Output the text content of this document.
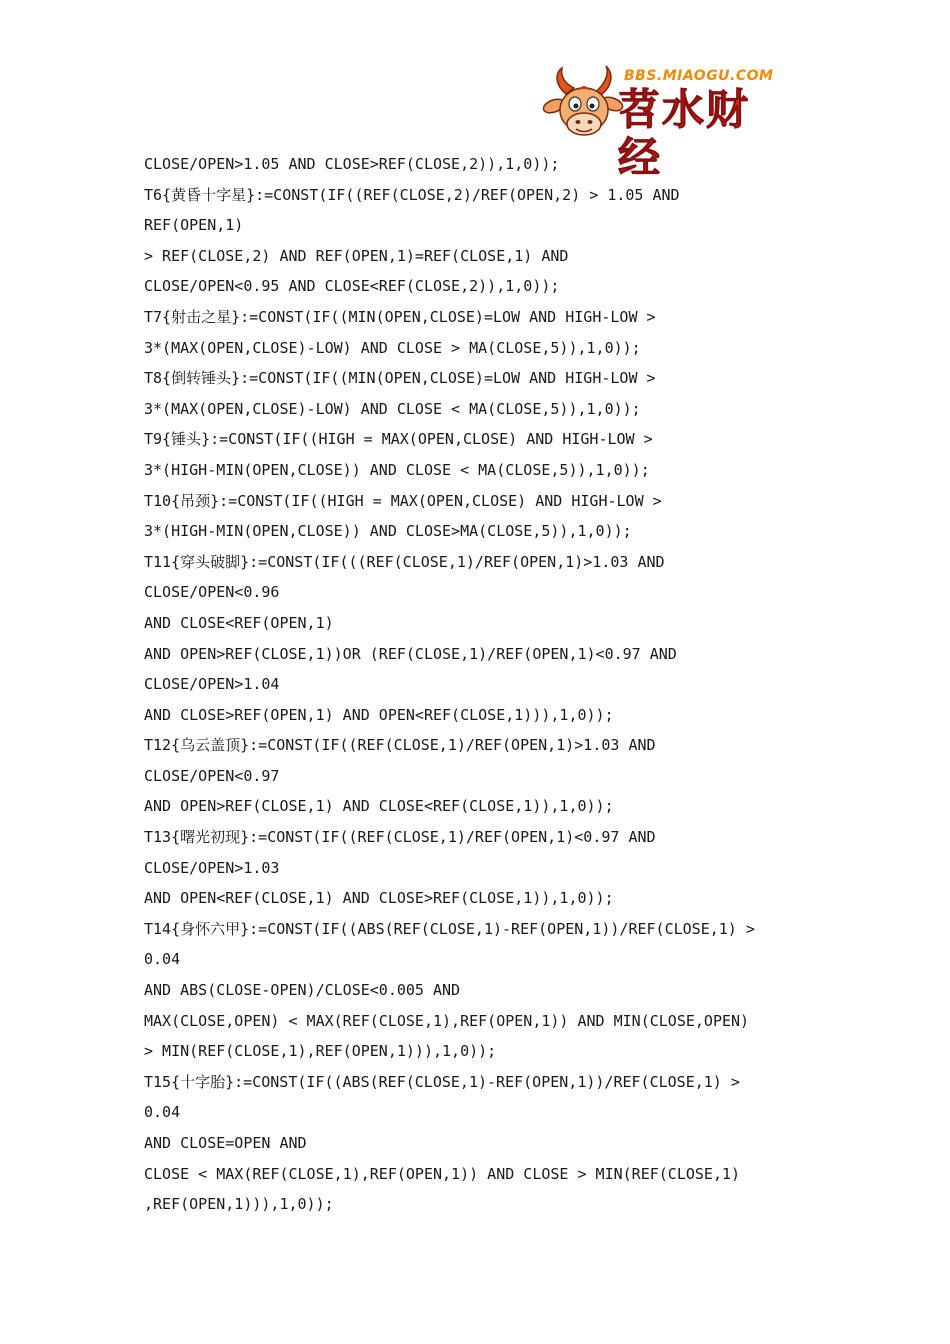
BBS.MIAOGU.COM
苕水财经
CLOSE/OPEN>1.05 AND CLOSE>REF(CLOSE,2)),1,0));
T6{黄昏十字星}:=CONST(IF((REF(CLOSE,2)/REF(OPEN,2) > 1.05 AND
REF(OPEN,1)
> REF(CLOSE,2) AND REF(OPEN,1)=REF(CLOSE,1) AND
CLOSE/OPEN<0.95 AND CLOSE<REF(CLOSE,2)),1,0));
T7{射击之星}:=CONST(IF((MIN(OPEN,CLOSE)=LOW AND HIGH-LOW >
3*(MAX(OPEN,CLOSE)-LOW) AND CLOSE > MA(CLOSE,5)),1,0));
T8{倒转锤头}:=CONST(IF((MIN(OPEN,CLOSE)=LOW AND HIGH-LOW >
3*(MAX(OPEN,CLOSE)-LOW) AND CLOSE < MA(CLOSE,5)),1,0));
T9{锤头}:=CONST(IF((HIGH = MAX(OPEN,CLOSE) AND HIGH-LOW >
3*(HIGH-MIN(OPEN,CLOSE)) AND CLOSE < MA(CLOSE,5)),1,0));
T10{吊颈}:=CONST(IF((HIGH = MAX(OPEN,CLOSE) AND HIGH-LOW >
3*(HIGH-MIN(OPEN,CLOSE)) AND CLOSE>MA(CLOSE,5)),1,0));
T11{穿头破脚}:=CONST(IF(((REF(CLOSE,1)/REF(OPEN,1)>1.03 AND
CLOSE/OPEN<0.96
AND CLOSE<REF(OPEN,1)
AND OPEN>REF(CLOSE,1))OR (REF(CLOSE,1)/REF(OPEN,1)<0.97 AND
CLOSE/OPEN>1.04
AND CLOSE>REF(OPEN,1) AND OPEN<REF(CLOSE,1))),1,0));
T12{乌云盖顶}:=CONST(IF((REF(CLOSE,1)/REF(OPEN,1)>1.03 AND
CLOSE/OPEN<0.97
AND OPEN>REF(CLOSE,1) AND CLOSE<REF(CLOSE,1)),1,0));
T13{曙光初现}:=CONST(IF((REF(CLOSE,1)/REF(OPEN,1)<0.97 AND
CLOSE/OPEN>1.03
AND OPEN<REF(CLOSE,1) AND CLOSE>REF(CLOSE,1)),1,0));
T14{身怀六甲}:=CONST(IF((ABS(REF(CLOSE,1)-REF(OPEN,1))/REF(CLOSE,1) >
0.04
AND ABS(CLOSE-OPEN)/CLOSE<0.005 AND
MAX(CLOSE,OPEN) < MAX(REF(CLOSE,1),REF(OPEN,1)) AND MIN(CLOSE,OPEN)
> MIN(REF(CLOSE,1),REF(OPEN,1))),1,0));
T15{十字胎}:=CONST(IF((ABS(REF(CLOSE,1)-REF(OPEN,1))/REF(CLOSE,1) >
0.04
AND CLOSE=OPEN AND
CLOSE < MAX(REF(CLOSE,1),REF(OPEN,1)) AND CLOSE > MIN(REF(CLOSE,1)
,REF(OPEN,1))),1,0));
